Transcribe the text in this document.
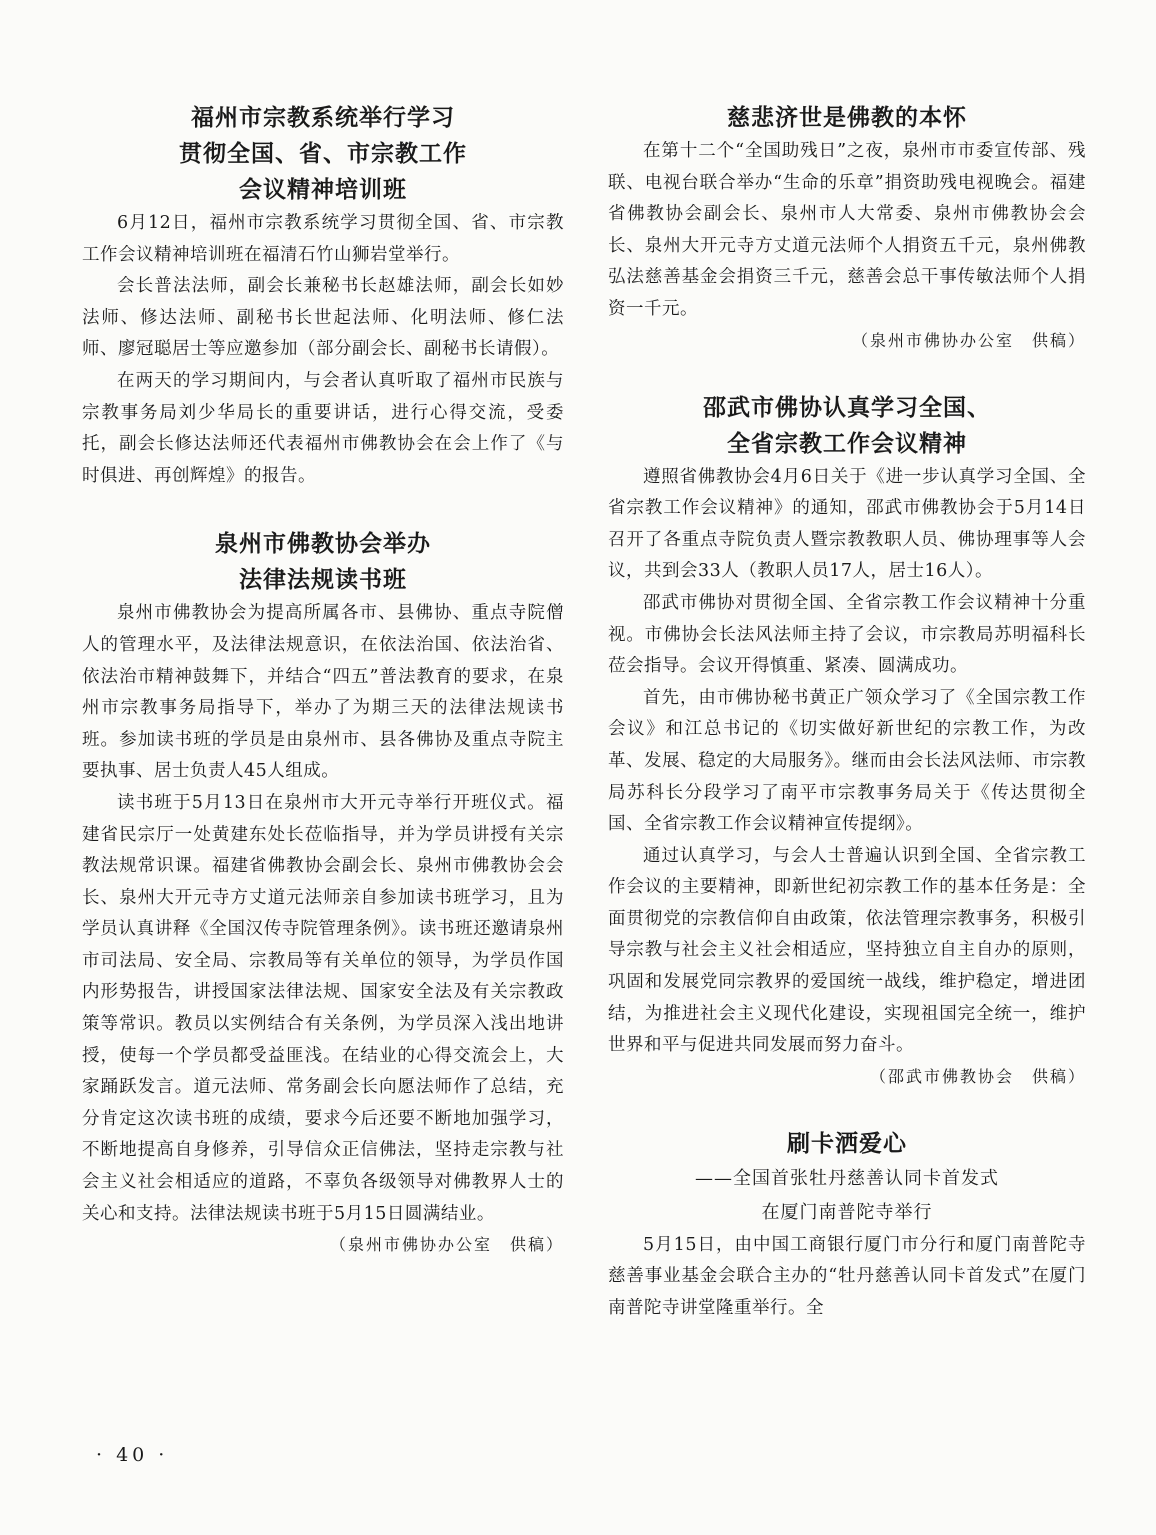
福州市宗教系统举行学习
贯彻全国、省、市宗教工作
会议精神培训班

6月12日，福州市宗教系统学习贯彻全国、省、市宗教工作会议精神培训班在福清石竹山狮岩堂举行。

会长普法法师，副会长兼秘书长赵雄法师，副会长如妙法师、修达法师、副秘书长世起法师、化明法师、修仁法师、廖冠聪居士等应邀参加（部分副会长、副秘书长请假）。

在两天的学习期间内，与会者认真听取了福州市民族与宗教事务局刘少华局长的重要讲话，进行心得交流，受委托，副会长修达法师还代表福州市佛教协会在会上作了《与时俱进、再创辉煌》的报告。

泉州市佛教协会举办
法律法规读书班

泉州市佛教协会为提高所属各市、县佛协、重点寺院僧人的管理水平，及法律法规意识，在依法治国、依法治省、依法治市精神鼓舞下，并结合“四五”普法教育的要求，在泉州市宗教事务局指导下，举办了为期三天的法律法规读书班。参加读书班的学员是由泉州市、县各佛协及重点寺院主要执事、居士负责人45人组成。

读书班于5月13日在泉州市大开元寺举行开班仪式。福建省民宗厅一处黄建东处长莅临指导，并为学员讲授有关宗教法规常识课。福建省佛教协会副会长、泉州市佛教协会会长、泉州大开元寺方丈道元法师亲自参加读书班学习，且为学员认真讲释《全国汉传寺院管理条例》。读书班还邀请泉州市司法局、安全局、宗教局等有关单位的领导，为学员作国内形势报告，讲授国家法律法规、国家安全法及有关宗教政策等常识。教员以实例结合有关条例，为学员深入浅出地讲授，使每一个学员都受益匪浅。在结业的心得交流会上，大家踊跃发言。道元法师、常务副会长向愿法师作了总结，充分肯定这次读书班的成绩，要求今后还要不断地加强学习，不断地提高自身修养，引导信众正信佛法，坚持走宗教与社会主义社会相适应的道路，不辜负各级领导对佛教界人士的关心和支持。法律法规读书班于5月15日圆满结业。

（泉州市佛协办公室　供稿）

慈悲济世是佛教的本怀

在第十二个“全国助残日”之夜，泉州市市委宣传部、残联、电视台联合举办“生命的乐章”捐资助残电视晚会。福建省佛教协会副会长、泉州市人大常委、泉州市佛教协会会长、泉州大开元寺方丈道元法师个人捐资五千元，泉州佛教弘法慈善基金会捐资三千元，慈善会总干事传敏法师个人捐资一千元。

（泉州市佛协办公室　供稿）

邵武市佛协认真学习全国、
全省宗教工作会议精神

遵照省佛教协会4月6日关于《进一步认真学习全国、全省宗教工作会议精神》的通知，邵武市佛教协会于5月14日召开了各重点寺院负责人暨宗教教职人员、佛协理事等人会议，共到会33人（教职人员17人，居士16人）。

邵武市佛协对贯彻全国、全省宗教工作会议精神十分重视。市佛协会长法风法师主持了会议，市宗教局苏明福科长莅会指导。会议开得慎重、紧凑、圆满成功。

首先，由市佛协秘书黄正广领众学习了《全国宗教工作会议》和江总书记的《切实做好新世纪的宗教工作，为改革、发展、稳定的大局服务》。继而由会长法风法师、市宗教局苏科长分段学习了南平市宗教事务局关于《传达贯彻全国、全省宗教工作会议精神宣传提纲》。

通过认真学习，与会人士普遍认识到全国、全省宗教工作会议的主要精神，即新世纪初宗教工作的基本任务是：全面贯彻党的宗教信仰自由政策，依法管理宗教事务，积极引导宗教与社会主义社会相适应，坚持独立自主自办的原则，巩固和发展党同宗教界的爱国统一战线，维护稳定，增进团结，为推进社会主义现代化建设，实现祖国完全统一，维护世界和平与促进共同发展而努力奋斗。

（邵武市佛教协会　供稿）

刷卡洒爱心
——全国首张牡丹慈善认同卡首发式
在厦门南普陀寺举行

5月15日，由中国工商银行厦门市分行和厦门南普陀寺慈善事业基金会联合主办的“牡丹慈善认同卡首发式”在厦门南普陀寺讲堂隆重举行。全

· 40 ·
